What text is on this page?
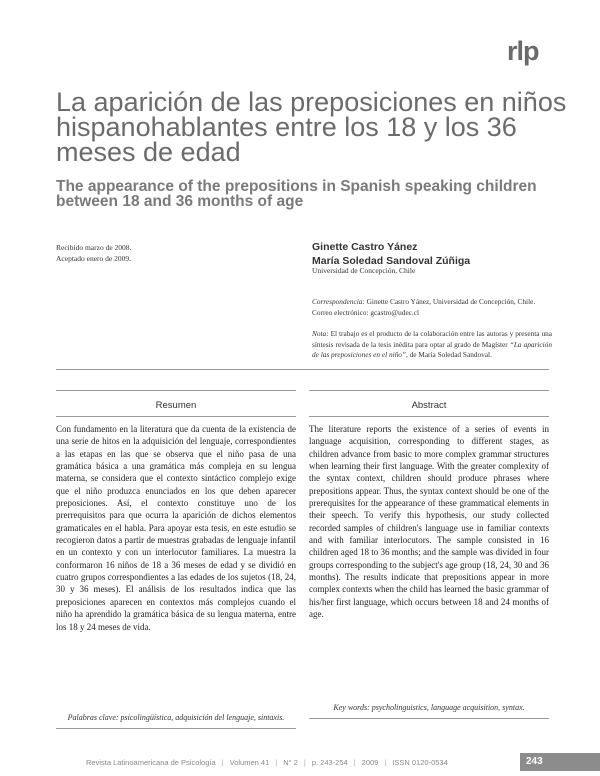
rlp
La aparición de las preposiciones en niños hispanohablantes entre los 18 y los 36 meses de edad
The appearance of the prepositions in Spanish speaking children between 18 and 36 months of age
Recibido marzo de 2008.
Aceptado enero de 2009.
Ginette Castro Yánez
María Soledad Sandoval Zúñiga
Universidad de Concepción, Chile
Correspondencia: Ginette Castro Yánez, Universidad de Concepción, Chile. Correo electrónico: gcastro@udec.cl
Nota: El trabajo es el producto de la colaboración entre las autoras y presenta una síntesis revisada de la tesis inédita para optar al grado de Magíster “La aparición de las preposiciones en el niño”, de María Soledad Sandoval.
Resumen	Abstract

Con fundamento en la literatura que da cuenta de la existencia de una serie de hitos en la adquisición del lenguaje, correspondientes a las etapas en las que se observa que el niño pasa de una gramática básica a una gramática más compleja en su lengua materna, se considera que el contexto sintáctico complejo exige que el niño produzca enunciados en los que deben aparecer preposiciones. Así, el contexto constituye uno de los prerrequisitos para que ocurra la aparición de dichos elementos gramaticales en el habla. Para apoyar esta tesis, en este estudio se recogieron datos a partir de muestras grabadas de lenguaje infantil en un contexto y con un interlocutor familiares. La muestra la conformaron 16 niños de 18 a 36 meses de edad y se dividió en cuatro grupos correspondientes a las edades de los sujetos (18, 24, 30 y 36 meses). El análisis de los resultados indica que las preposiciones aparecen en contextos más complejos cuando el niño ha aprendido la gramática básica de su lengua materna, entre los 18 y 24 meses de vida.

The literature reports the existence of a series of events in language acquisition, corresponding to different stages, as children advance from basic to more complex grammar structures when learning their first language. With the greater complexity of the syntax context, children should produce phrases where prepositions appear. Thus, the syntax context should be one of the prerequisites for the appearance of these grammatical elements in their speech. To verify this hypothesis, our study collected recorded samples of children's language use in familiar contexts and with familiar interlocutors. The sample consisted in 16 children aged 18 to 36 months; and the sample was divided in four groups corresponding to the subject's age group (18, 24, 30 and 36 months). The results indicate that prepositions appear in more complex contexts when the child has learned the basic grammar of his/her first language, which occurs between 18 and 24 months of age.

Palabras clave: psicolingüística, adquisición del lenguaje, sintaxis.
Key words: psycholinguistics, language acquisition, syntax.
Revista Latinoamericana de Psicología | Volumen 41 | N° 2 | p. 243-254 | 2009 | ISSN 0120-0534	243
